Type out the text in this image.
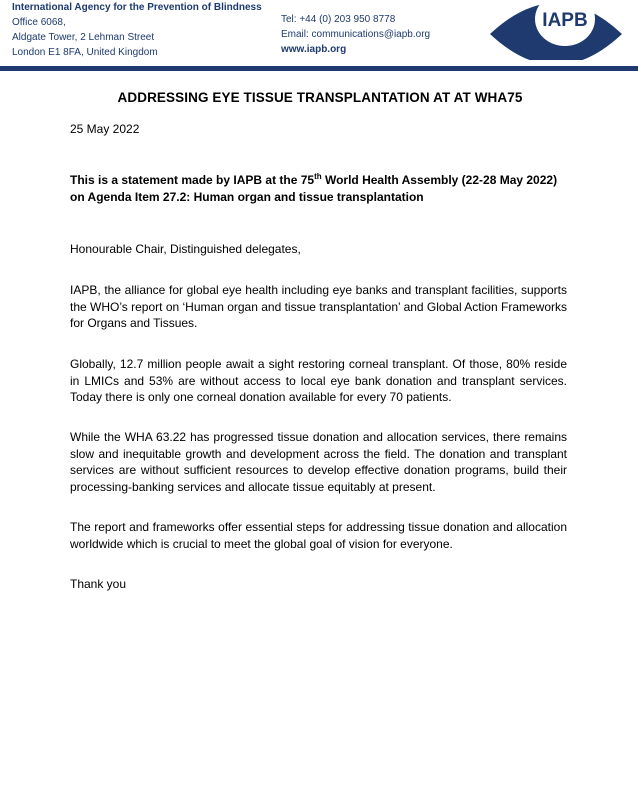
International Agency for the Prevention of Blindness
Office 6068,
Aldgate Tower, 2 Lehman Street
London E1 8FA, United Kingdom
Tel: +44 (0) 203 950 8778
Email: communications@iapb.org
www.iapb.org
IAPB
ADDRESSING EYE TISSUE TRANSPLANTATION AT AT WHA75
25 May 2022
This is a statement made by IAPB at the 75th World Health Assembly (22-28 May 2022) on Agenda Item 27.2: Human organ and tissue transplantation
Honourable Chair, Distinguished delegates,
IAPB, the alliance for global eye health including eye banks and transplant facilities, supports the WHO’s report on ‘Human organ and tissue transplantation’ and Global Action Frameworks for Organs and Tissues.
Globally, 12.7 million people await a sight restoring corneal transplant. Of those, 80% reside in LMICs and 53% are without access to local eye bank donation and transplant services. Today there is only one corneal donation available for every 70 patients.
While the WHA 63.22 has progressed tissue donation and allocation services, there remains slow and inequitable growth and development across the field. The donation and transplant services are without sufficient resources to develop effective donation programs, build their processing-banking services and allocate tissue equitably at present.
The report and frameworks offer essential steps for addressing tissue donation and allocation worldwide which is crucial to meet the global goal of vision for everyone.
Thank you
